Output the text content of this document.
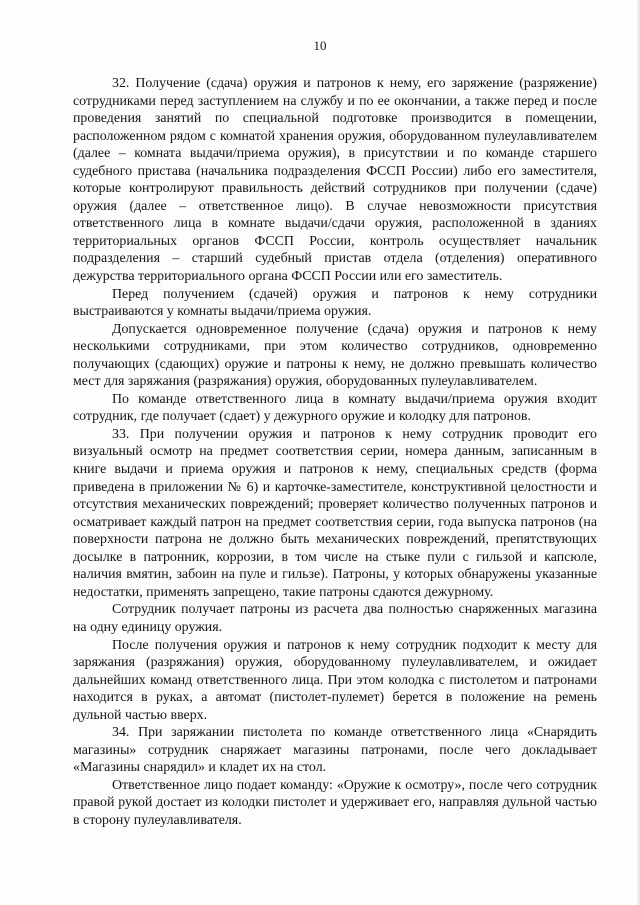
10

32. Получение (сдача) оружия и патронов к нему, его заряжение (разряжение) сотрудниками перед заступлением на службу и по ее окончании, а также перед и после проведения занятий по специальной подготовке производится в помещении, расположенном рядом с комнатой хранения оружия, оборудованном пулеулавливателем (далее – комната выдачи/приема оружия), в присутствии и по команде старшего судебного пристава (начальника подразделения ФССП России) либо его заместителя, которые контролируют правильность действий сотрудников при получении (сдаче) оружия (далее – ответственное лицо). В случае невозможности присутствия ответственного лица в комнате выдачи/сдачи оружия, расположенной в зданиях территориальных органов ФССП России, контроль осуществляет начальник подразделения – старший судебный пристав отдела (отделения) оперативного дежурства территориального органа ФССП России или его заместитель.

Перед получением (сдачей) оружия и патронов к нему сотрудники выстраиваются у комнаты выдачи/приема оружия.

Допускается одновременное получение (сдача) оружия и патронов к нему несколькими сотрудниками, при этом количество сотрудников, одновременно получающих (сдающих) оружие и патроны к нему, не должно превышать количество мест для заряжания (разряжания) оружия, оборудованных пулеулавливателем.

По команде ответственного лица в комнату выдачи/приема оружия входит сотрудник, где получает (сдает) у дежурного оружие и колодку для патронов.

33. При получении оружия и патронов к нему сотрудник проводит его визуальный осмотр на предмет соответствия серии, номера данным, записанным в книге выдачи и приема оружия и патронов к нему, специальных средств (форма приведена в приложении № 6) и карточке-заместителе, конструктивной целостности и отсутствия механических повреждений; проверяет количество полученных патронов и осматривает каждый патрон на предмет соответствия серии, года выпуска патронов (на поверхности патрона не должно быть механических повреждений, препятствующих досылке в патронник, коррозии, в том числе на стыке пули с гильзой и капсюле, наличия вмятин, забоин на пуле и гильзе). Патроны, у которых обнаружены указанные недостатки, применять запрещено, такие патроны сдаются дежурному.

Сотрудник получает патроны из расчета два полностью снаряженных магазина на одну единицу оружия.

После получения оружия и патронов к нему сотрудник подходит к месту для заряжания (разряжания) оружия, оборудованному пулеулавливателем, и ожидает дальнейших команд ответственного лица. При этом колодка с пистолетом и патронами находится в руках, а автомат (пистолет-пулемет) берется в положение на ремень дульной частью вверх.

34. При заряжании пистолета по команде ответственного лица «Снарядить магазины» сотрудник снаряжает магазины патронами, после чего докладывает «Магазины снарядил» и кладет их на стол.

Ответственное лицо подает команду: «Оружие к осмотру», после чего сотрудник правой рукой достает из колодки пистолет и удерживает его, направляя дульной частью в сторону пулеулавливателя.
